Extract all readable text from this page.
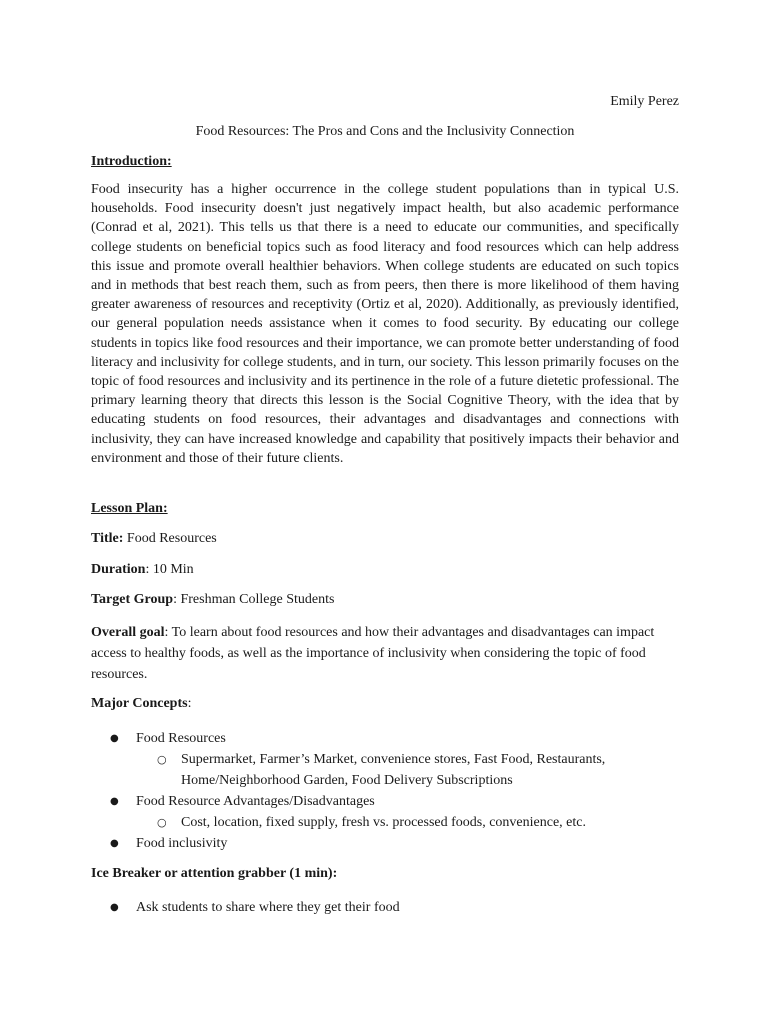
Emily Perez
Food Resources: The Pros and Cons and the Inclusivity Connection
Introduction:

Food insecurity has a higher occurrence in the college student populations than in typical U.S. households. Food insecurity doesn't just negatively impact health, but also academic performance (Conrad et al, 2021). This tells us that there is a need to educate our communities, and specifically college students on beneficial topics such as food literacy and food resources which can help address this issue and promote overall healthier behaviors. When college students are educated on such topics and in methods that best reach them, such as from peers, then there is more likelihood of them having greater awareness of resources and receptivity (Ortiz et al, 2020). Additionally, as previously identified, our general population needs assistance when it comes to food security. By educating our college students in topics like food resources and their importance, we can promote better understanding of food literacy and inclusivity for college students, and in turn, our society. This lesson primarily focuses on the topic of food resources and inclusivity and its pertinence in the role of a future dietetic professional. The primary learning theory that directs this lesson is the Social Cognitive Theory, with the idea that by educating students on food resources, their advantages and disadvantages and connections with inclusivity, they can have increased knowledge and capability that positively impacts their behavior and environment and those of their future clients.

Lesson Plan:

Title: Food Resources

Duration: 10 Min

Target Group: Freshman College Students

Overall goal: To learn about food resources and how their advantages and disadvantages can impact access to healthy foods, as well as the importance of inclusivity when considering the topic of food resources.

Major Concepts:
● Food Resources
○ Supermarket, Farmer’s Market, convenience stores, Fast Food, Restaurants, Home/Neighborhood Garden, Food Delivery Subscriptions
● Food Resource Advantages/Disadvantages
○ Cost, location, fixed supply, fresh vs. processed foods, convenience, etc.
● Food inclusivity
Ice Breaker or attention grabber (1 min):
● Ask students to share where they get their food
